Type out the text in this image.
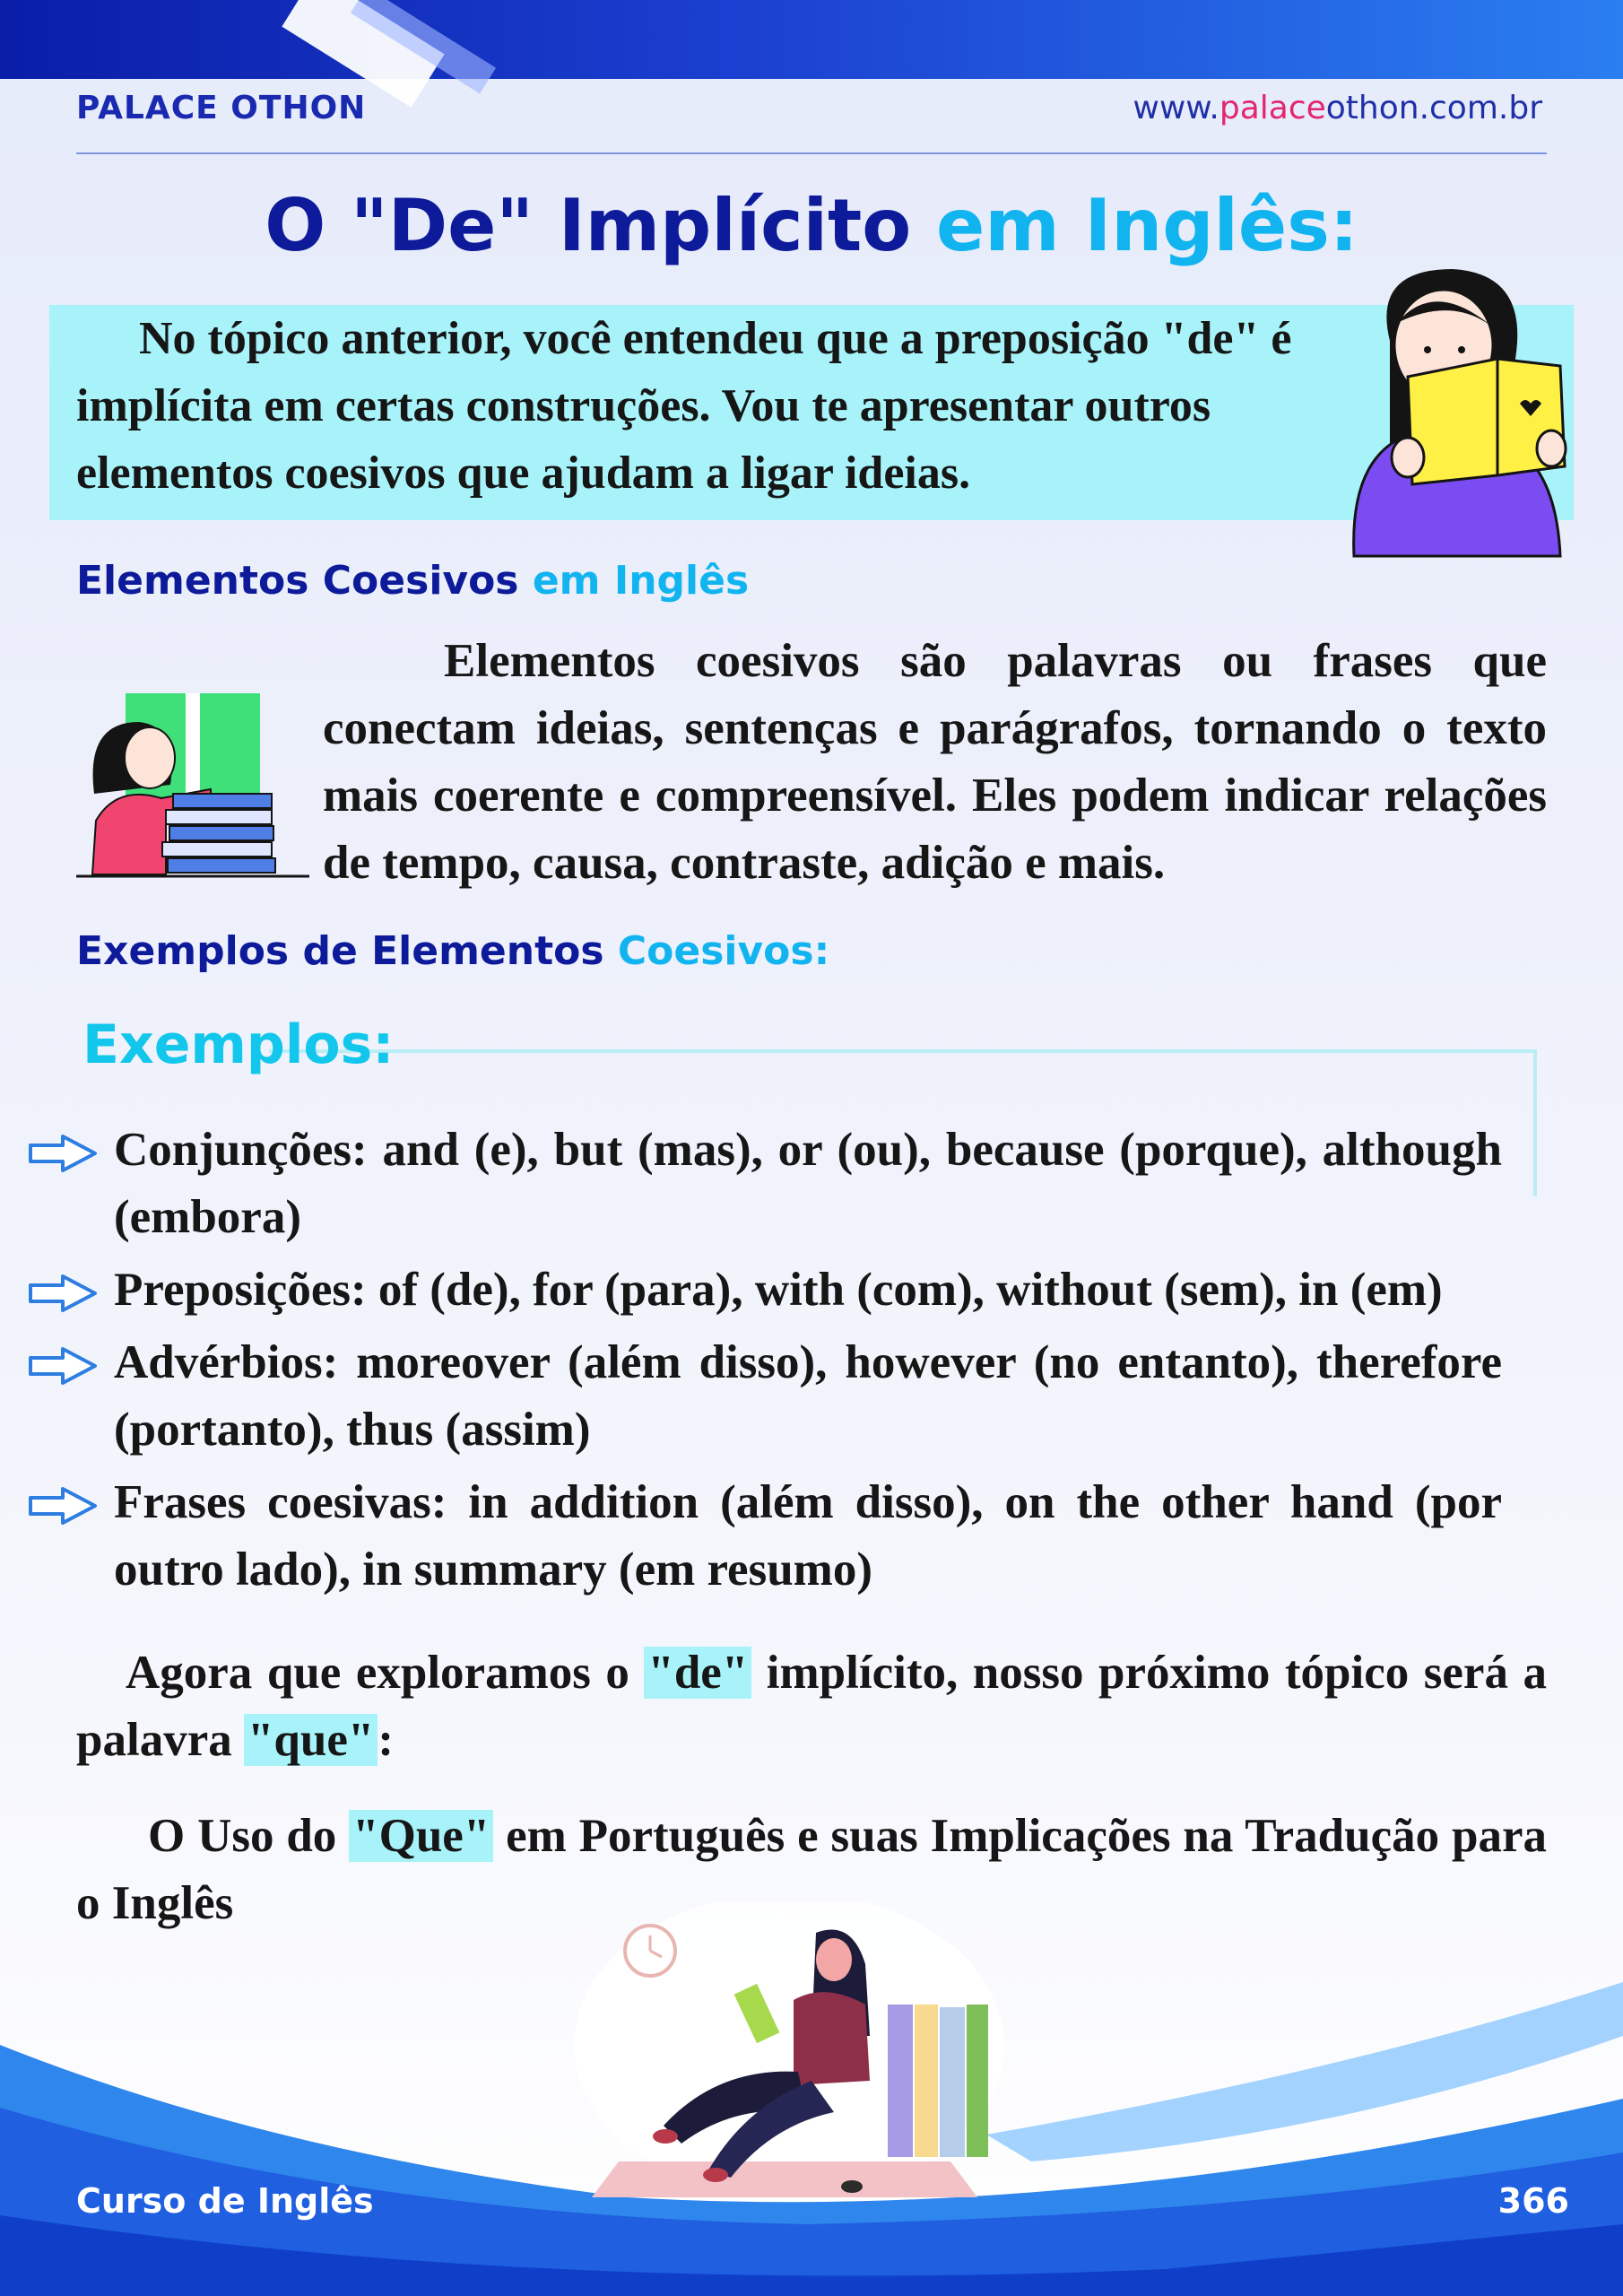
PALACE OTHON	www.palaceothon.com.br
O "De" Implícito em Inglês:
No tópico anterior, você entendeu que a preposição "de" é implícita em certas construções. Vou te apresentar outros elementos coesivos que ajudam a ligar ideias.
Elementos Coesivos em Inglês
Elementos coesivos são palavras ou frases que conectam ideias, sentenças e parágrafos, tornando o texto mais coerente e compreensível. Eles podem indicar relações de tempo, causa, contraste, adição e mais.
Exemplos de Elementos Coesivos:
Exemplos:
Conjunções: and (e), but (mas), or (ou), because (porque), although (embora)
Preposições: of (de), for (para), with (com), without (sem), in (em)
Advérbios: moreover (além disso), however (no entanto), therefore (portanto), thus (assim)
Frases coesivas: in addition (além disso), on the other hand (por outro lado), in summary (em resumo)
Agora que exploramos o "de" implícito, nosso próximo tópico será a palavra "que":
O Uso do "Que" em Português e suas Implicações na Tradução para o Inglês
Curso de Inglês	366
